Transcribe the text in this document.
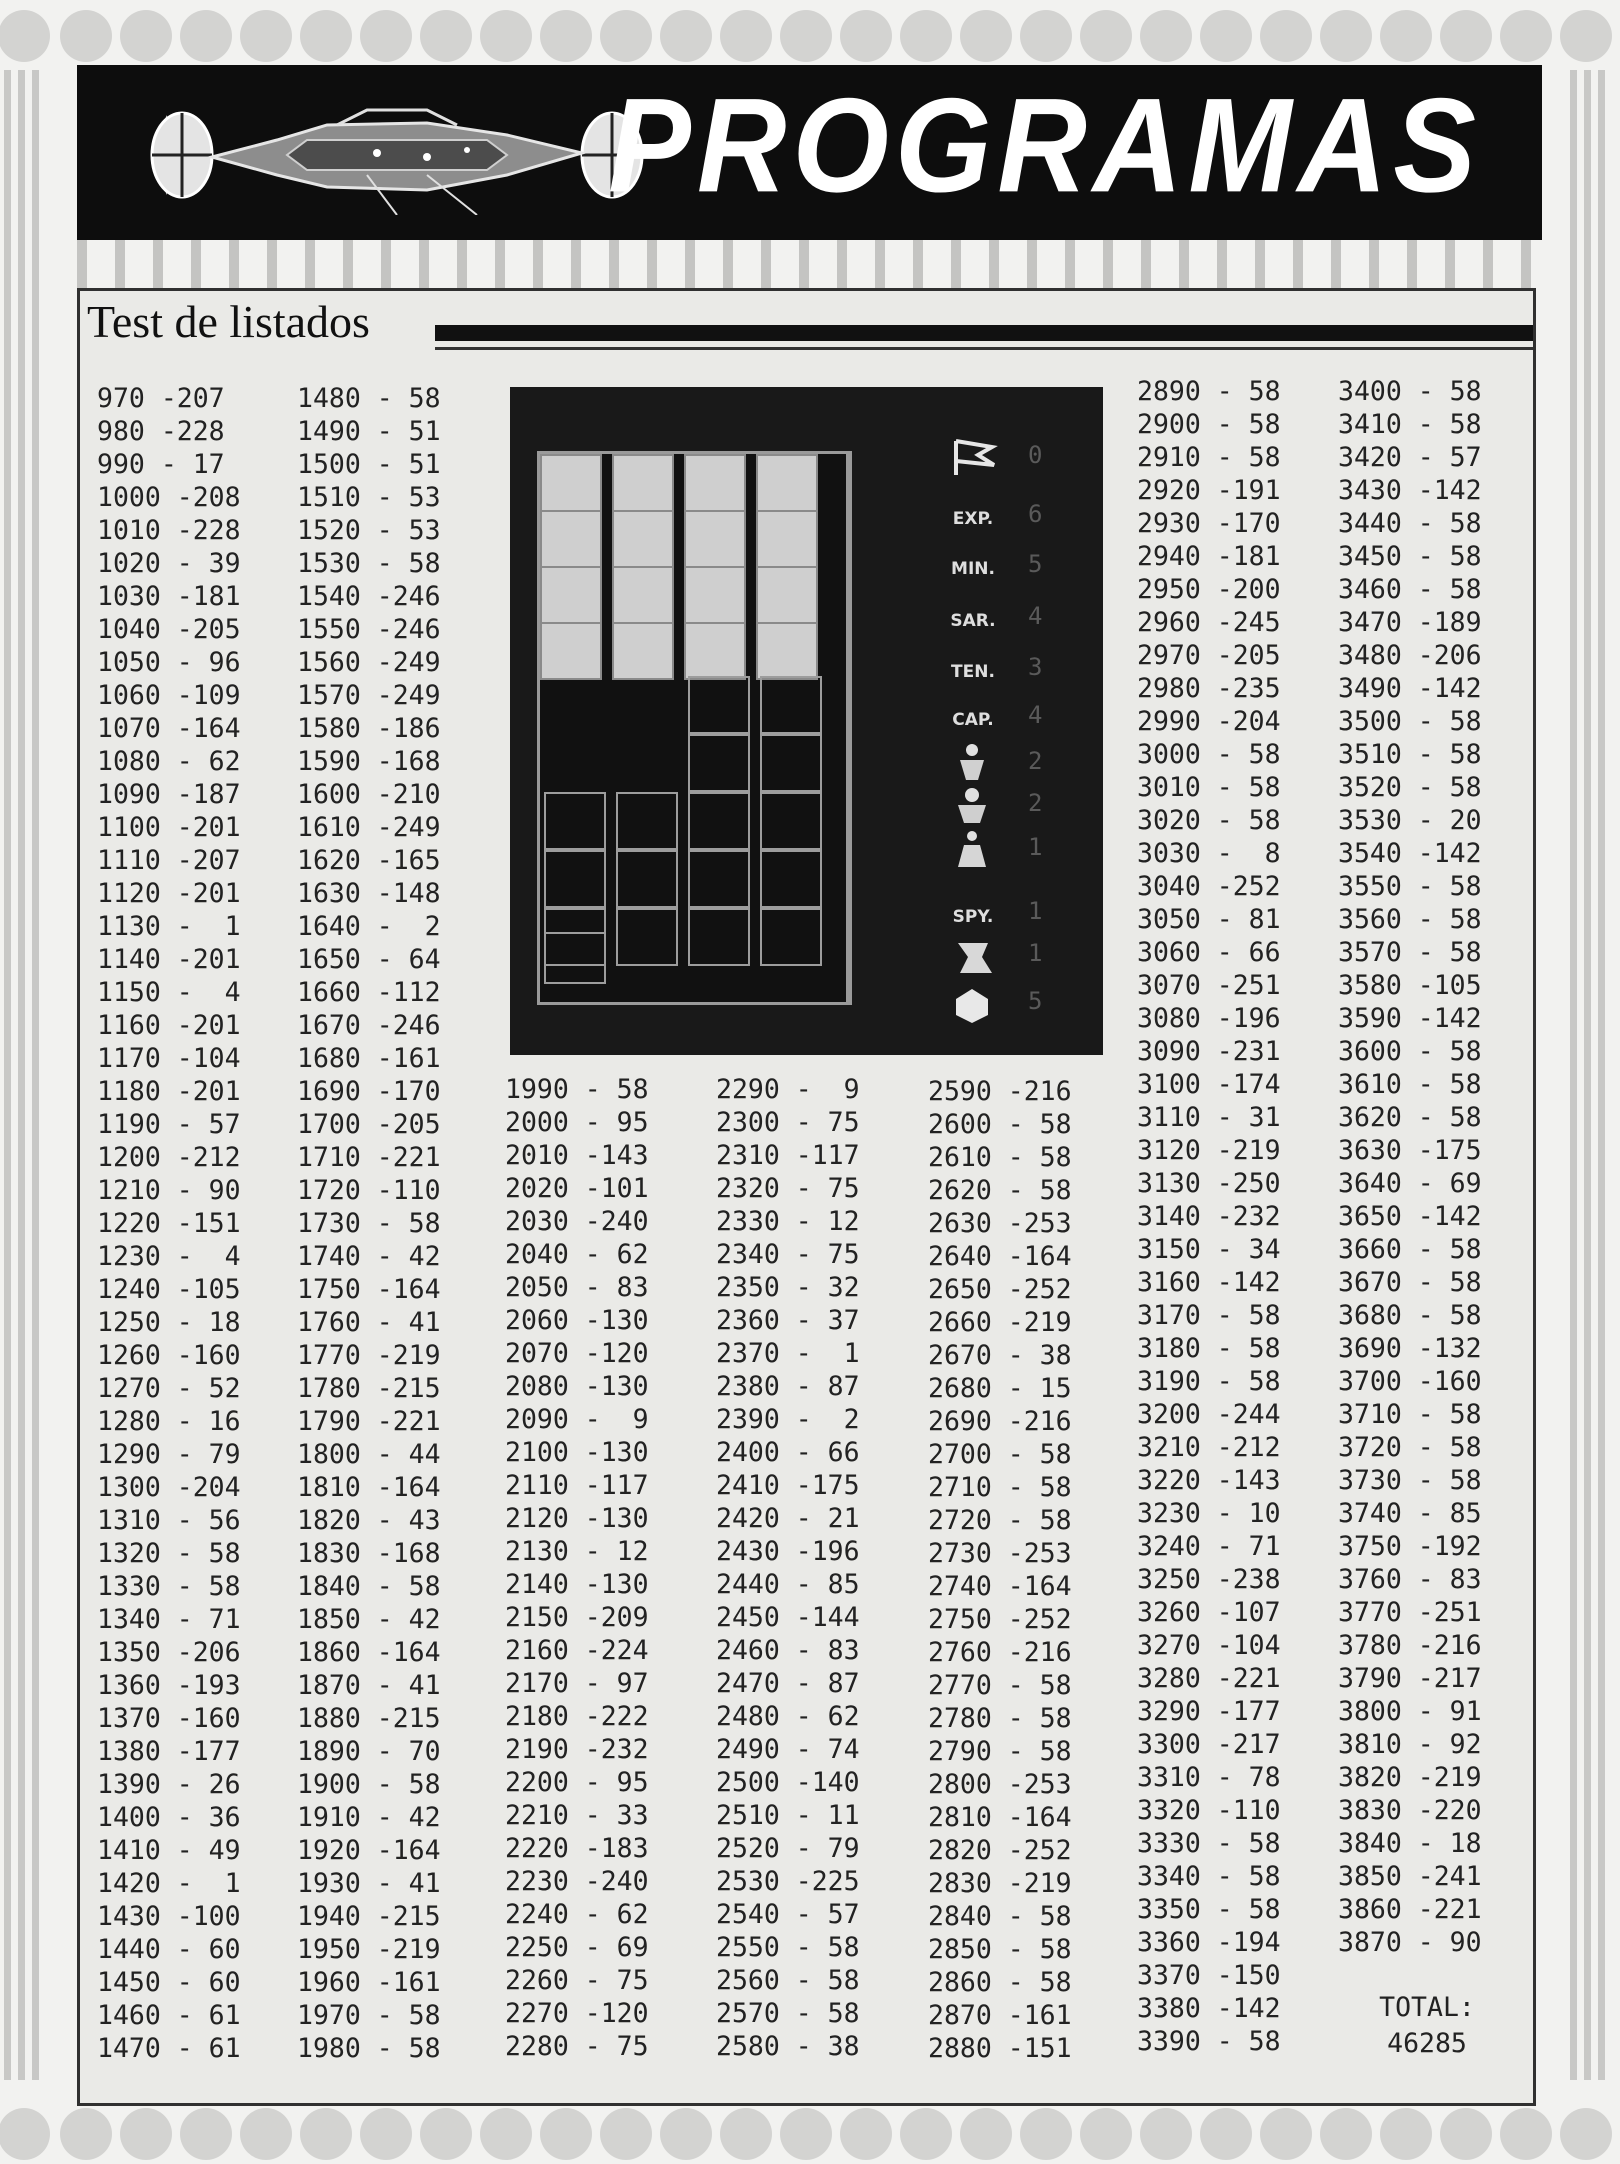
PROGRAMAS
Test de listados
970 -207
980 -228
990 - 17
1000 -208
1010 -228
1020 - 39
1030 -181
1040 -205
1050 - 96
1060 -109
1070 -164
1080 - 62
1090 -187
1100 -201
1110 -207
1120 -201
1130 -  1
1140 -201
1150 -  4
1160 -201
1170 -104
1180 -201
1190 - 57
1200 -212
1210 - 90
1220 -151
1230 -  4
1240 -105
1250 - 18
1260 -160
1270 - 52
1280 - 16
1290 - 79
1300 -204
1310 - 56
1320 - 58
1330 - 58
1340 - 71
1350 -206
1360 -193
1370 -160
1380 -177
1390 - 26
1400 - 36
1410 - 49
1420 -  1
1430 -100
1440 - 60
1450 - 60
1460 - 61
1470 - 61
1480 - 58
1490 - 51
1500 - 51
1510 - 53
1520 - 53
1530 - 58
1540 -246
1550 -246
1560 -249
1570 -249
1580 -186
1590 -168
1600 -210
1610 -249
1620 -165
1630 -148
1640 -  2
1650 - 64
1660 -112
1670 -246
1680 -161
1690 -170
1700 -205
1710 -221
1720 -110
1730 - 58
1740 - 42
1750 -164
1760 - 41
1770 -219
1780 -215
1790 -221
1800 - 44
1810 -164
1820 - 43
1830 -168
1840 - 58
1850 - 42
1860 -164
1870 - 41
1880 -215
1890 - 70
1900 - 58
1910 - 42
1920 -164
1930 - 41
1940 -215
1950 -219
1960 -161
1970 - 58
1980 - 58
1990 - 58
2000 - 95
2010 -143
2020 -101
2030 -240
2040 - 62
2050 - 83
2060 -130
2070 -120
2080 -130
2090 -  9
2100 -130
2110 -117
2120 -130
2130 - 12
2140 -130
2150 -209
2160 -224
2170 - 97
2180 -222
2190 -232
2200 - 95
2210 - 33
2220 -183
2230 -240
2240 - 62
2250 - 69
2260 - 75
2270 -120
2280 - 75
2290 -  9
2300 - 75
2310 -117
2320 - 75
2330 - 12
2340 - 75
2350 - 32
2360 - 37
2370 -  1
2380 - 87
2390 -  2
2400 - 66
2410 -175
2420 - 21
2430 -196
2440 - 85
2450 -144
2460 - 83
2470 - 87
2480 - 62
2490 - 74
2500 -140
2510 - 11
2520 - 79
2530 -225
2540 - 57
2550 - 58
2560 - 58
2570 - 58
2580 - 38
2590 -216
2600 - 58
2610 - 58
2620 - 58
2630 -253
2640 -164
2650 -252
2660 -219
2670 - 38
2680 - 15
2690 -216
2700 - 58
2710 - 58
2720 - 58
2730 -253
2740 -164
2750 -252
2760 -216
2770 - 58
2780 - 58
2790 - 58
2800 -253
2810 -164
2820 -252
2830 -219
2840 - 58
2850 - 58
2860 - 58
2870 -161
2880 -151
2890 - 58
2900 - 58
2910 - 58
2920 -191
2930 -170
2940 -181
2950 -200
2960 -245
2970 -205
2980 -235
2990 -204
3000 - 58
3010 - 58
3020 - 58
3030 -  8
3040 -252
3050 - 81
3060 - 66
3070 -251
3080 -196
3090 -231
3100 -174
3110 - 31
3120 -219
3130 -250
3140 -232
3150 - 34
3160 -142
3170 - 58
3180 - 58
3190 - 58
3200 -244
3210 -212
3220 -143
3230 - 10
3240 - 71
3250 -238
3260 -107
3270 -104
3280 -221
3290 -177
3300 -217
3310 - 78
3320 -110
3330 - 58
3340 - 58
3350 - 58
3360 -194
3370 -150
3380 -142
3390 - 58
3400 - 58
3410 - 58
3420 - 57
3430 -142
3440 - 58
3450 - 58
3460 - 58
3470 -189
3480 -206
3490 -142
3500 - 58
3510 - 58
3520 - 58
3530 - 20
3540 -142
3550 - 58
3560 - 58
3570 - 58
3580 -105
3590 -142
3600 - 58
3610 - 58
3620 - 58
3630 -175
3640 - 69
3650 -142
3660 - 58
3670 - 58
3680 - 58
3690 -132
3700 -160
3710 - 58
3720 - 58
3730 - 58
3740 - 85
3750 -192
3760 - 83
3770 -251
3780 -216
3790 -217
3800 - 91
3810 - 92
3820 -219
3830 -220
3840 - 18
3850 -241
3860 -221
3870 - 90
TOTAL:
46285
EXP.
MIN.
SAR.
TEN.
CAP.
SPY.
0
6
5
4
3
4
2
2
1
1
1
5
